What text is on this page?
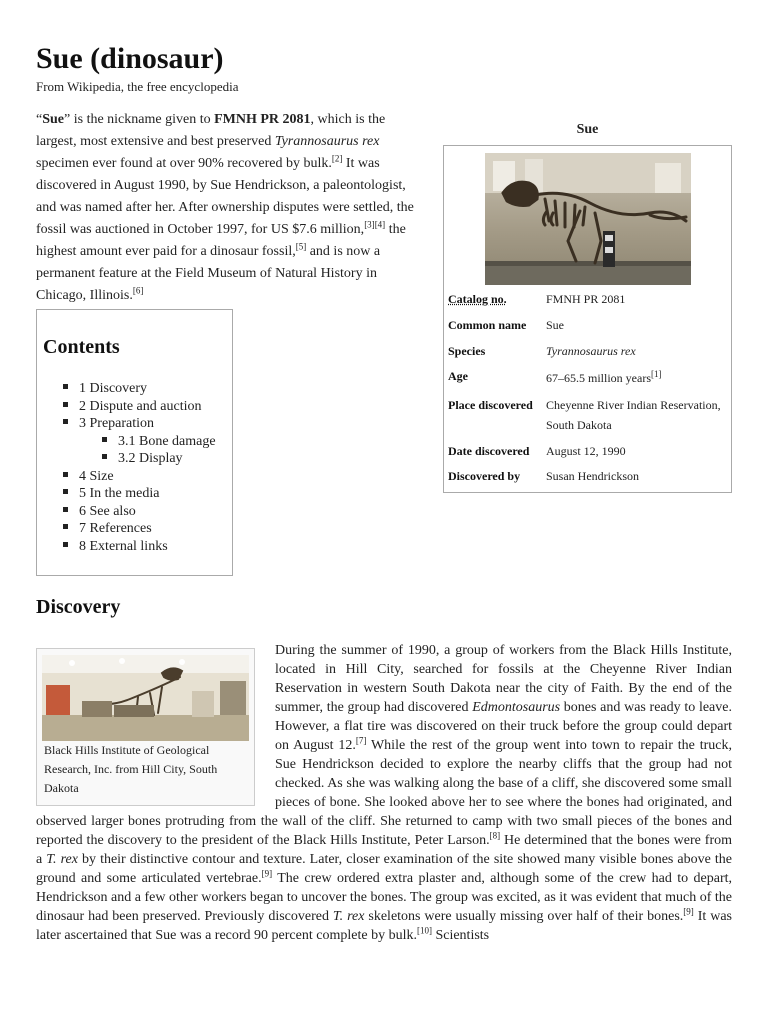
Sue (dinosaur)
From Wikipedia, the free encyclopedia
“Sue” is the nickname given to FMNH PR 2081, which is the largest, most extensive and best preserved Tyrannosaurus rex specimen ever found at over 90% recovered by bulk.[2] It was discovered in August 1990, by Sue Hendrickson, a paleontologist, and was named after her. After ownership disputes were settled, the fossil was auctioned in October 1997, for US $7.6 million,[3][4] the highest amount ever paid for a dinosaur fossil,[5] and is now a permanent feature at the Field Museum of Natural History in Chicago, Illinois.[6]
Sue
Catalog no.	FMNH PR 2081
Common name	Sue
Species	Tyrannosaurus rex
Age	67–65.5 million years[1]
Place discovered	Cheyenne River Indian Reservation, South Dakota
Date discovered	August 12, 1990
Discovered by	Susan Hendrickson
Contents
1 Discovery
2 Dispute and auction
3 Preparation
3.1 Bone damage
3.2 Display
4 Size
5 In the media
6 See also
7 References
8 External links
Discovery
During the summer of 1990, a group of workers from the Black Hills Institute, located in Hill City, searched for fossils at the Cheyenne River Indian Reservation in western South Dakota near the city of Faith. By the end of the summer, the group had discovered Edmontosaurus bones and was ready to leave. However, a flat tire was discovered on their truck before the group could depart on August 12.[7] While the rest of the group went into town to repair the truck, Sue Hendrickson decided to explore the nearby cliffs that the group had not checked. As she was walking along the base of a cliff, she discovered some small pieces of bone. She looked above her to see where the bones had originated, and observed larger bones protruding from the wall of the cliff. She returned to camp with two small pieces of the bones and reported the discovery to the president of the Black Hills Institute, Peter Larson.[8] He determined that the bones were from a T. rex by their distinctive contour and texture. Later, closer examination of the site showed many visible bones above the ground and some articulated vertebrae.[9] The crew ordered extra plaster and, although some of the crew had to depart, Hendrickson and a few other workers began to uncover the bones. The group was excited, as it was evident that much of the dinosaur had been preserved. Previously discovered T. rex skeletons were usually missing over half of their bones.[9] It was later ascertained that Sue was a record 90 percent complete by bulk.[10] Scientists
Black Hills Institute of Geological Research, Inc. from Hill City, South Dakota
